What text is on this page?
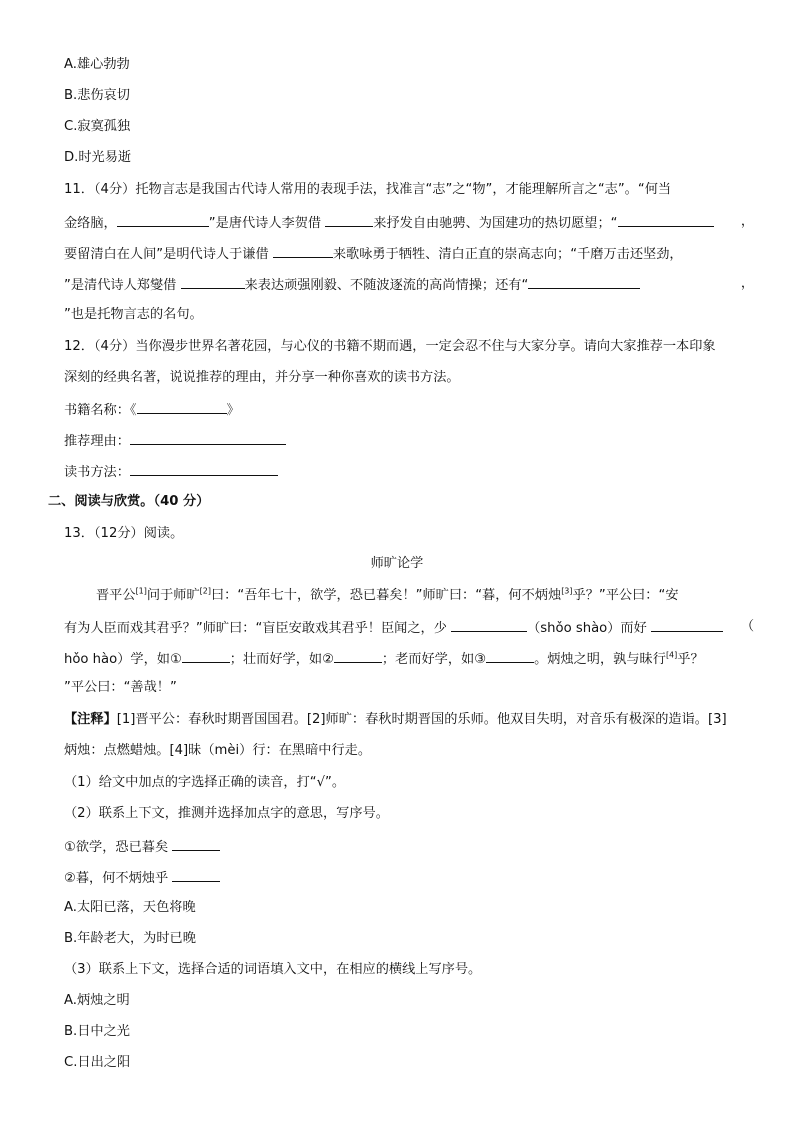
A.雄心勃勃
B.悲伤哀切
C.寂寞孤独
D.时光易逝
11．（4分）托物言志是我国古代诗人常用的表现手法，找准言“志”之“物”，才能理解所言之“志”。“何当
金络脑，	”是唐代诗人李贺借	来抒发自由驰骋、为国建功的热切愿望；“	，
要留清白在人间”是明代诗人于谦借	来歌咏勇于牺牲、清白正直的崇高志向；“千磨万击还坚劲，
”是清代诗人郑燮借	来表达顽强刚毅、不随波逐流的高尚情操；还有“	，
”也是托物言志的名句。
12．（4分）当你漫步世界名著花园，与心仪的书籍不期而遇，一定会忍不住与大家分享。请向大家推荐一本印象
深刻的经典名著，说说推荐的理由，并分享一种你喜欢的读书方法。
书籍名称：《	》
推荐理由：
读书方法：
二、阅读与欣赏。（40 分）
13．（12分）阅读。
师旷论学
晋平公[1]问于师旷[2]曰：“吾年七十，欲学，恐已暮矣！”师旷曰：“暮，何不炳烛[3]乎？”平公曰：“安
有为人臣而戏其君乎？”师旷曰：“盲臣安敢戏其君乎！臣闻之，少	（shǒo shào）而好	（
hǒo hào）学，如①	；壮而好学，如②	；老而好学，如③	。炳烛之明，孰与昧行[4]乎？
”平公曰：“善哉！”
【注释】[1]晋平公：春秋时期晋国国君。[2]师旷：春秋时期晋国的乐师。他双目失明，对音乐有极深的造诣。[3]
炳烛：点燃蜡烛。[4]昧（mèi）行：在黑暗中行走。
（1）给文中加点的字选择正确的读音，打“√”。
（2）联系上下文，推测并选择加点字的意思，写序号。
①欲学，恐已暮矣
②暮，何不炳烛乎
A.太阳已落，天色将晚
B.年龄老大，为时已晚
（3）联系上下文，选择合适的词语填入文中，在相应的横线上写序号。
A.炳烛之明
B.日中之光
C.日出之阳
